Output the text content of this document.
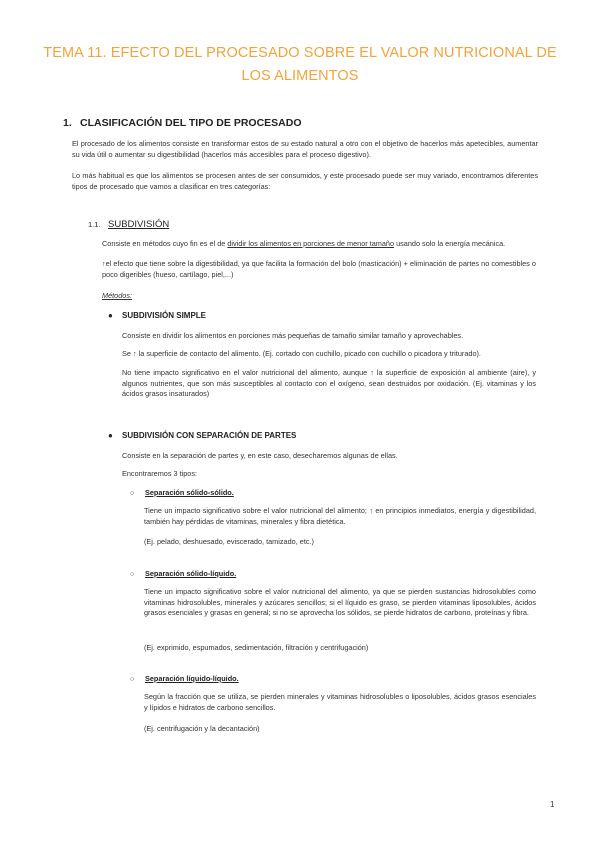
TEMA 11. EFECTO DEL PROCESADO SOBRE EL VALOR NUTRICIONAL DE LOS ALIMENTOS
1. CLASIFICACIÓN DEL TIPO DE PROCESADO
El procesado de los alimentos consiste en transformar estos de su estado natural a otro con el objetivo de hacerlos más apetecibles, aumentar su vida útil o aumentar su digestibilidad (hacerlos más accesibles para el proceso digestivo).
Lo más habitual es que los alimentos se procesen antes de ser consumidos, y este procesado puede ser muy variado, encontramos diferentes tipos de procesado que vamos a clasificar en tres categorías:
1.1. SUBDIVISIÓN
Consiste en métodos cuyo fin es el de dividir los alimentos en porciones de menor tamaño usando solo la energía mecánica.
↑el efecto que tiene sobre la digestibilidad, ya que facilita la formación del bolo (masticación) + eliminación de partes no comestibles o poco digeribles (hueso, cartílago, piel,...)
Métodos:
● SUBDIVISIÓN SIMPLE
Consiste en dividir los alimentos en porciones más pequeñas de tamaño similar tamaño y aprovechables.
Se ↑ la superficie de contacto del alimento. (Ej. cortado con cuchillo, picado con cuchillo o picadora y triturado).
No tiene impacto significativo en el valor nutricional del alimento, aunque ↑ la superficie de exposición al ambiente (aire), y algunos nutrientes, que son más susceptibles al contacto con el oxígeno, sean destruidos por oxidación. (Ej. vitaminas y los ácidos grasos insaturados)
● SUBDIVISIÓN CON SEPARACIÓN DE PARTES
Consiste en la separación de partes y, en este caso, desecharemos algunas de ellas.
Encontraremos 3 tipos:
○ Separación sólido-sólido.
Tiene un impacto significativo sobre el valor nutricional del alimento; ↑ en principios inmediatos, energía y digestibilidad, también hay pérdidas de vitaminas, minerales y fibra dietética.
(Ej. pelado, deshuesado, eviscerado, tamizado, etc.)
○ Separación sólido-líquido.
Tiene un impacto significativo sobre el valor nutricional del alimento, ya que se pierden sustancias hidrosolubles como vitaminas hidrosolubles, minerales y azúcares sencillos; si el líquido es graso, se pierden vitaminas liposolubles, ácidos grasos esenciales y grasas en general; si no se aprovecha los sólidos, se pierde hidratos de carbono, proteínas y fibra.
(Ej. exprimido, espumados, sedimentación, filtración y centrifugación)
○ Separación líquido-líquido.
Según la fracción que se utiliza, se pierden minerales y vitaminas hidrosolubles o liposolubles, ácidos grasos esenciales y lípidos e hidratos de carbono sencillos.
(Ej. centrifugación y la decantación)
1
